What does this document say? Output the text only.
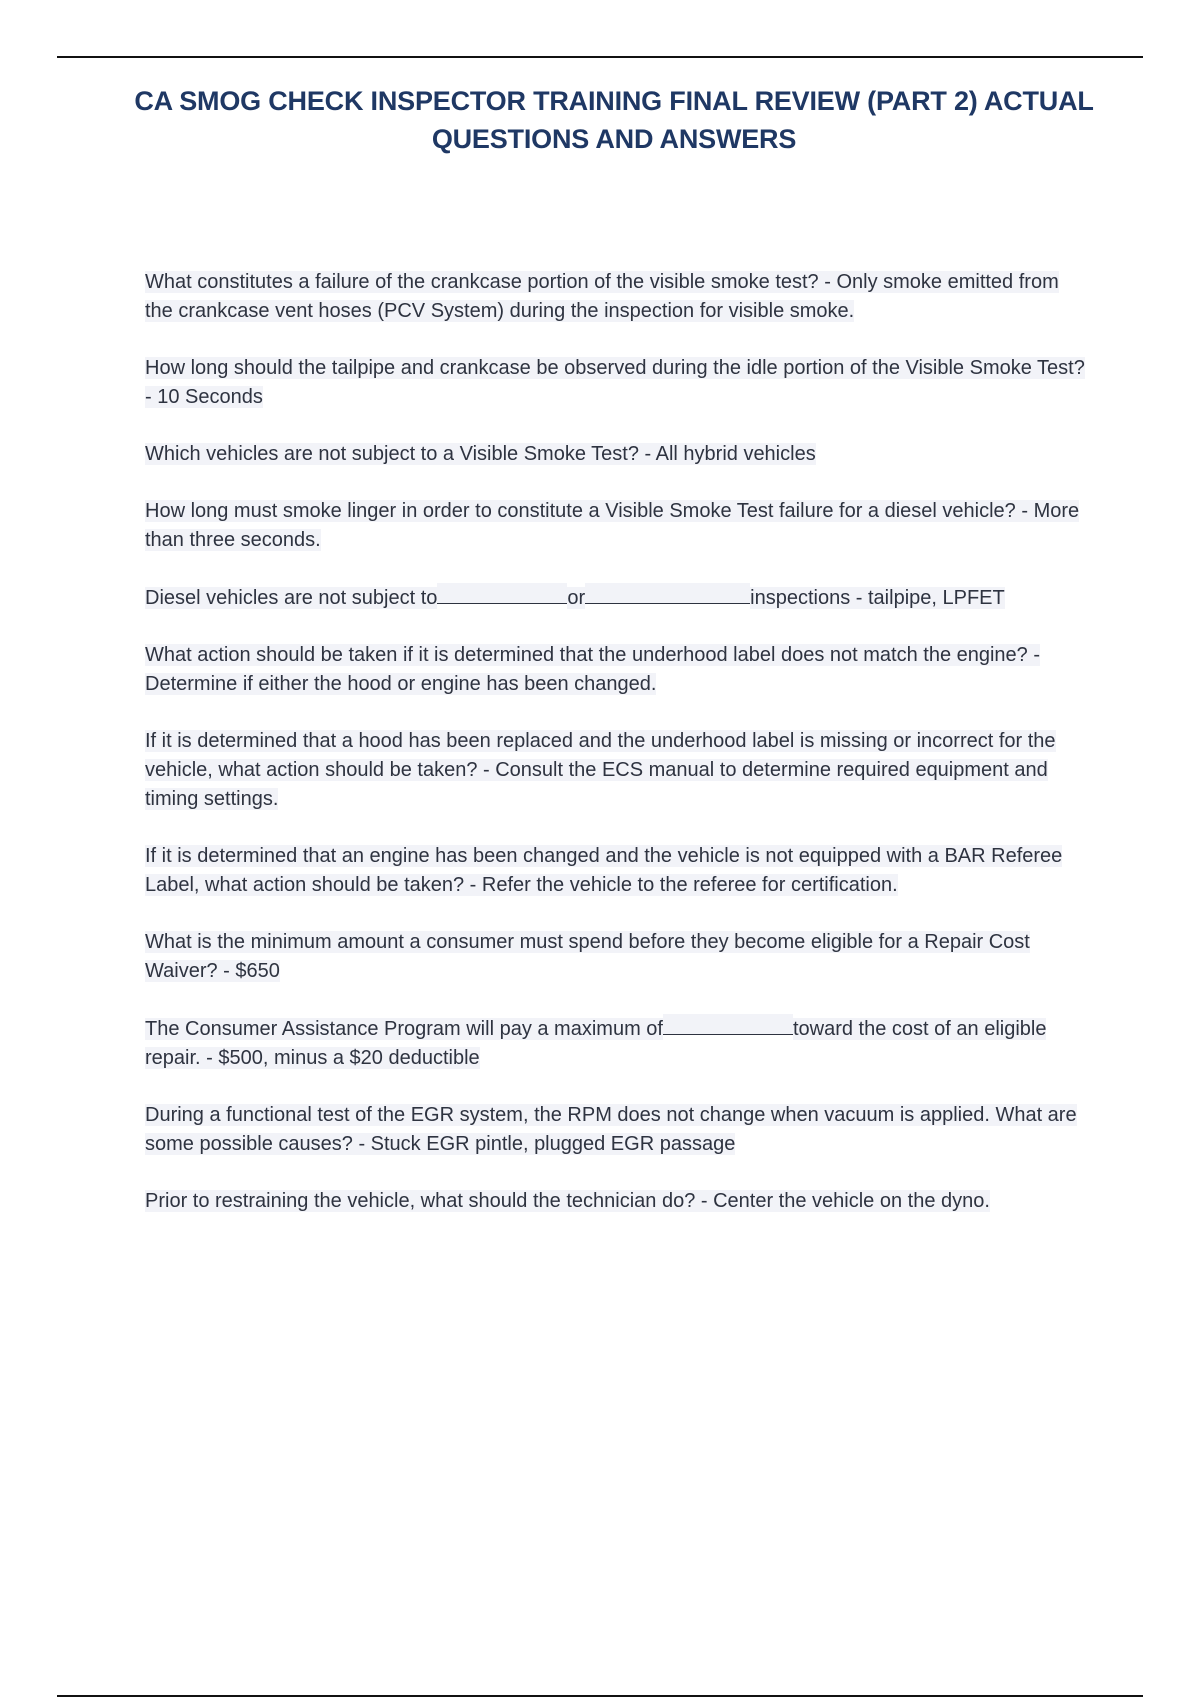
CA SMOG CHECK INSPECTOR TRAINING FINAL REVIEW (PART 2) ACTUAL QUESTIONS AND ANSWERS

What constitutes a failure of the crankcase portion of the visible smoke test? - Only smoke emitted from the crankcase vent hoses (PCV System) during the inspection for visible smoke.

How long should the tailpipe and crankcase be observed during the idle portion of the Visible Smoke Test? - 10 Seconds

Which vehicles are not subject to a Visible Smoke Test? - All hybrid vehicles

How long must smoke linger in order to constitute a Visible Smoke Test failure for a diesel vehicle? - More than three seconds.

Diesel vehicles are not subject to	or	inspections - tailpipe, LPFET

What action should be taken if it is determined that the underhood label does not match the engine? - Determine if either the hood or engine has been changed.

If it is determined that a hood has been replaced and the underhood label is missing or incorrect for the vehicle, what action should be taken? - Consult the ECS manual to determine required equipment and timing settings.

If it is determined that an engine has been changed and the vehicle is not equipped with a BAR Referee Label, what action should be taken? - Refer the vehicle to the referee for certification.

What is the minimum amount a consumer must spend before they become eligible for a Repair Cost Waiver? - $650

The Consumer Assistance Program will pay a maximum of	toward the cost of an eligible repair. - $500, minus a $20 deductible

During a functional test of the EGR system, the RPM does not change when vacuum is applied. What are some possible causes? - Stuck EGR pintle, plugged EGR passage

Prior to restraining the vehicle, what should the technician do? - Center the vehicle on the dyno.
